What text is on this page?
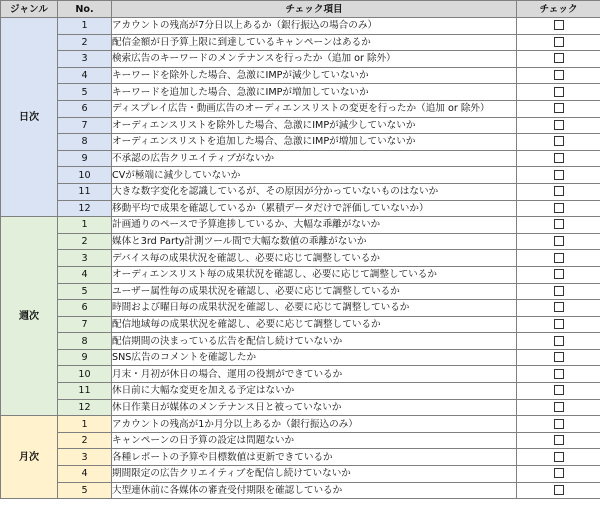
ジャンル	No.	チェック項目	チェック
日次	1	アカウントの残高が7分日以上あるか（銀行振込の場合のみ）	
	2	配信金額が日予算上限に到達しているキャンペーンはあるか	
	3	検索広告のキーワードのメンテナンスを行ったか（追加 or 除外）	
	4	キーワードを除外した場合、急激にIMPが減少していないか	
	5	キーワードを追加した場合、急激にIMPが増加していないか	
	6	ディスプレイ広告・動画広告のオーディエンスリストの変更を行ったか（追加 or 除外）	
	7	オーディエンスリストを除外した場合、急激にIMPが減少していないか	
	8	オーディエンスリストを追加した場合、急激にIMPが増加していないか	
	9	不承認の広告クリエイティブがないか	
	10	CVが極端に減少していないか	
	11	大きな数字変化を認識しているが、その原因が分かっていないものはないか	
	12	移動平均で成果を確認しているか（累積データだけで評価していないか）	
週次	1	計画通りのペースで予算進捗しているか、大幅な乖離がないか	
	2	媒体と3rd Party計測ツール間で大幅な数値の乖離がないか	
	3	デバイス毎の成果状況を確認し、必要に応じて調整しているか	
	4	オーディエンスリスト毎の成果状況を確認し、必要に応じて調整しているか	
	5	ユーザー属性毎の成果状況を確認し、必要に応じて調整しているか	
	6	時間および曜日毎の成果状況を確認し、必要に応じて調整しているか	
	7	配信地域毎の成果状況を確認し、必要に応じて調整しているか	
	8	配信期間の決まっている広告を配信し続けていないか	
	9	SNS広告のコメントを確認したか	
	10	月末・月初が休日の場合、運用の役割ができているか	
	11	休日前に大幅な変更を加える予定はないか	
	12	休日作業日が媒体のメンテナンス日と被っていないか	
月次	1	アカウントの残高が1か月分以上あるか（銀行振込のみ）	
	2	キャンペーンの日予算の設定は問題ないか	
	3	各種レポートの予算や目標数値は更新できているか	
	4	期間限定の広告クリエイティブを配信し続けていないか	
	5	大型連休前に各媒体の審査受付期限を確認しているか	
